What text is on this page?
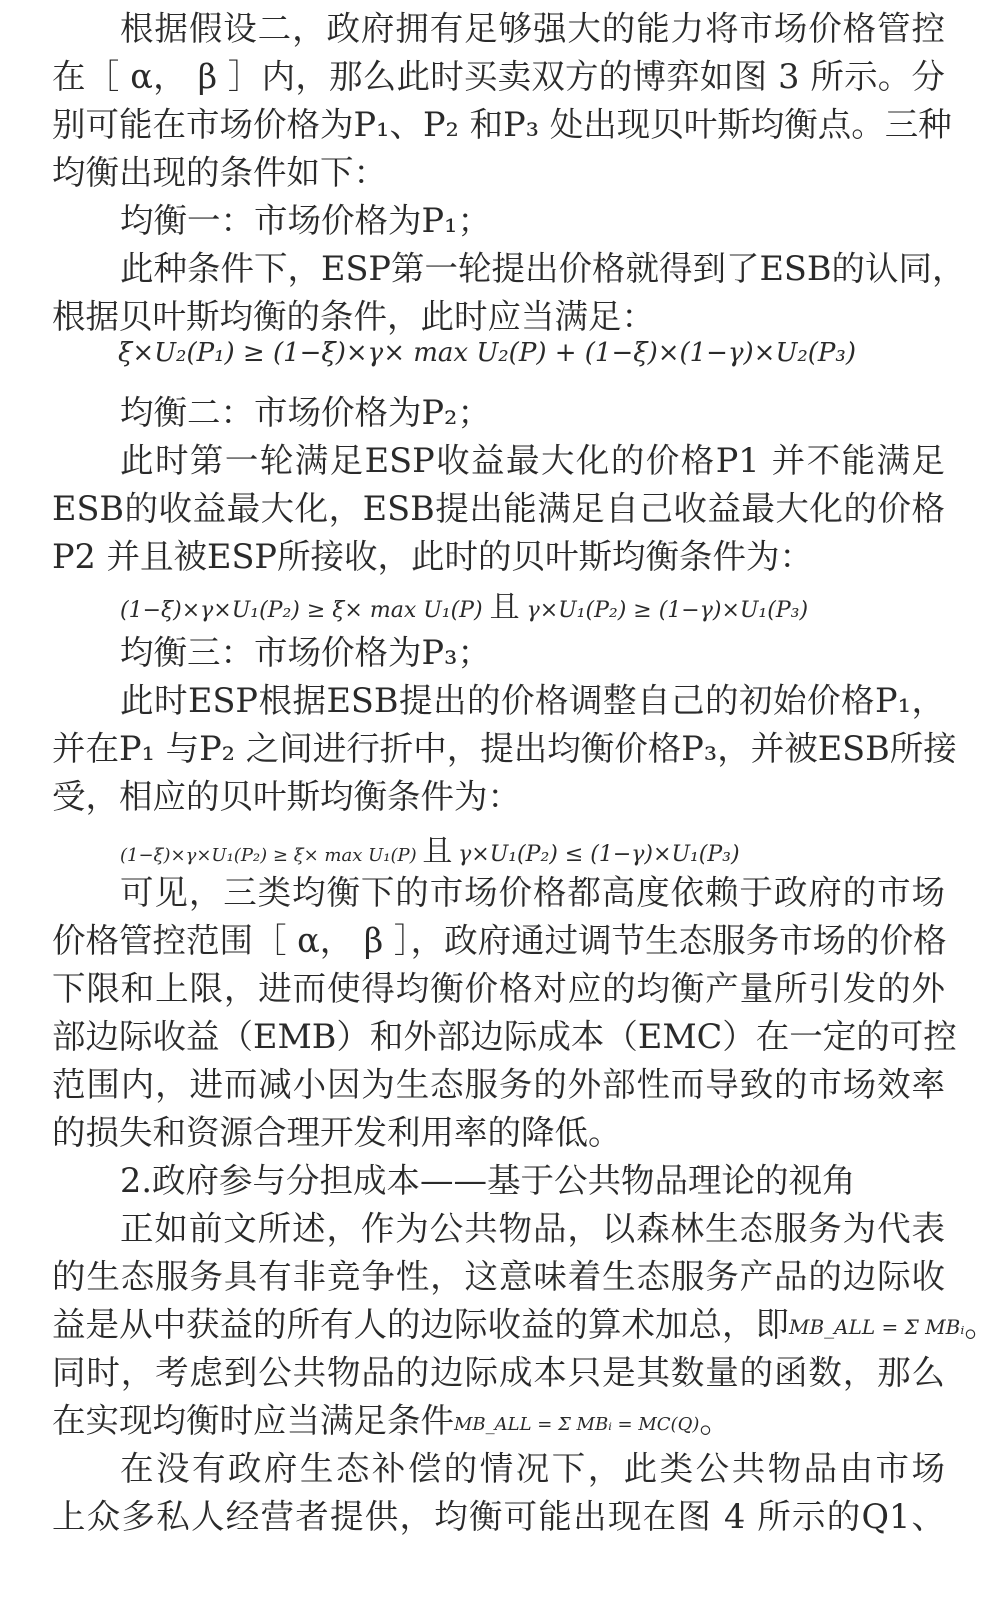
根据假设二，政府拥有足够强大的能力将市场价格管控
在［ α， β ］内，那么此时买卖双方的博弈如图 3 所示。分
别可能在市场价格为P₁、P₂ 和P₃ 处出现贝叶斯均衡点。三种
均衡出现的条件如下：
均衡一：市场价格为P₁；
此种条件下，ESP第一轮提出价格就得到了ESB的认同，
根据贝叶斯均衡的条件，此时应当满足：
ξ×U₂(P₁) ≥ (1−ξ)×γ× max U₂(P) + (1−ξ)×(1−γ)×U₂(P₃)
均衡二：市场价格为P₂；
此时第一轮满足ESP收益最大化的价格P1 并不能满足
ESB的收益最大化，ESB提出能满足自己收益最大化的价格
P2 并且被ESP所接收，此时的贝叶斯均衡条件为：
(1−ξ)×γ×U₁(P₂) ≥ ξ× max U₁(P) 且 γ×U₁(P₂) ≥ (1−γ)×U₁(P₃)
均衡三：市场价格为P₃；
此时ESP根据ESB提出的价格调整自己的初始价格P₁，
并在P₁ 与P₂ 之间进行折中，提出均衡价格P₃，并被ESB所接
受，相应的贝叶斯均衡条件为：
(1−ξ)×γ×U₁(P₂) ≥ ξ× max U₁(P) 且 γ×U₁(P₂) ≤ (1−γ)×U₁(P₃)
可见，三类均衡下的市场价格都高度依赖于政府的市场
价格管控范围［ α， β ］，政府通过调节生态服务市场的价格
下限和上限，进而使得均衡价格对应的均衡产量所引发的外
部边际收益（EMB）和外部边际成本（EMC）在一定的可控
范围内，进而减小因为生态服务的外部性而导致的市场效率
的损失和资源合理开发利用率的降低。
2.政府参与分担成本——基于公共物品理论的视角
正如前文所述，作为公共物品，以森林生态服务为代表
的生态服务具有非竞争性，这意味着生态服务产品的边际收
益是从中获益的所有人的边际收益的算术加总，即MB_ALL = Σ MBᵢ。
同时，考虑到公共物品的边际成本只是其数量的函数，那么
在实现均衡时应当满足条件MB_ALL = Σ MBᵢ = MC(Q)。
在没有政府生态补偿的情况下，此类公共物品由市场
上众多私人经营者提供，均衡可能出现在图 4 所示的Q1、
